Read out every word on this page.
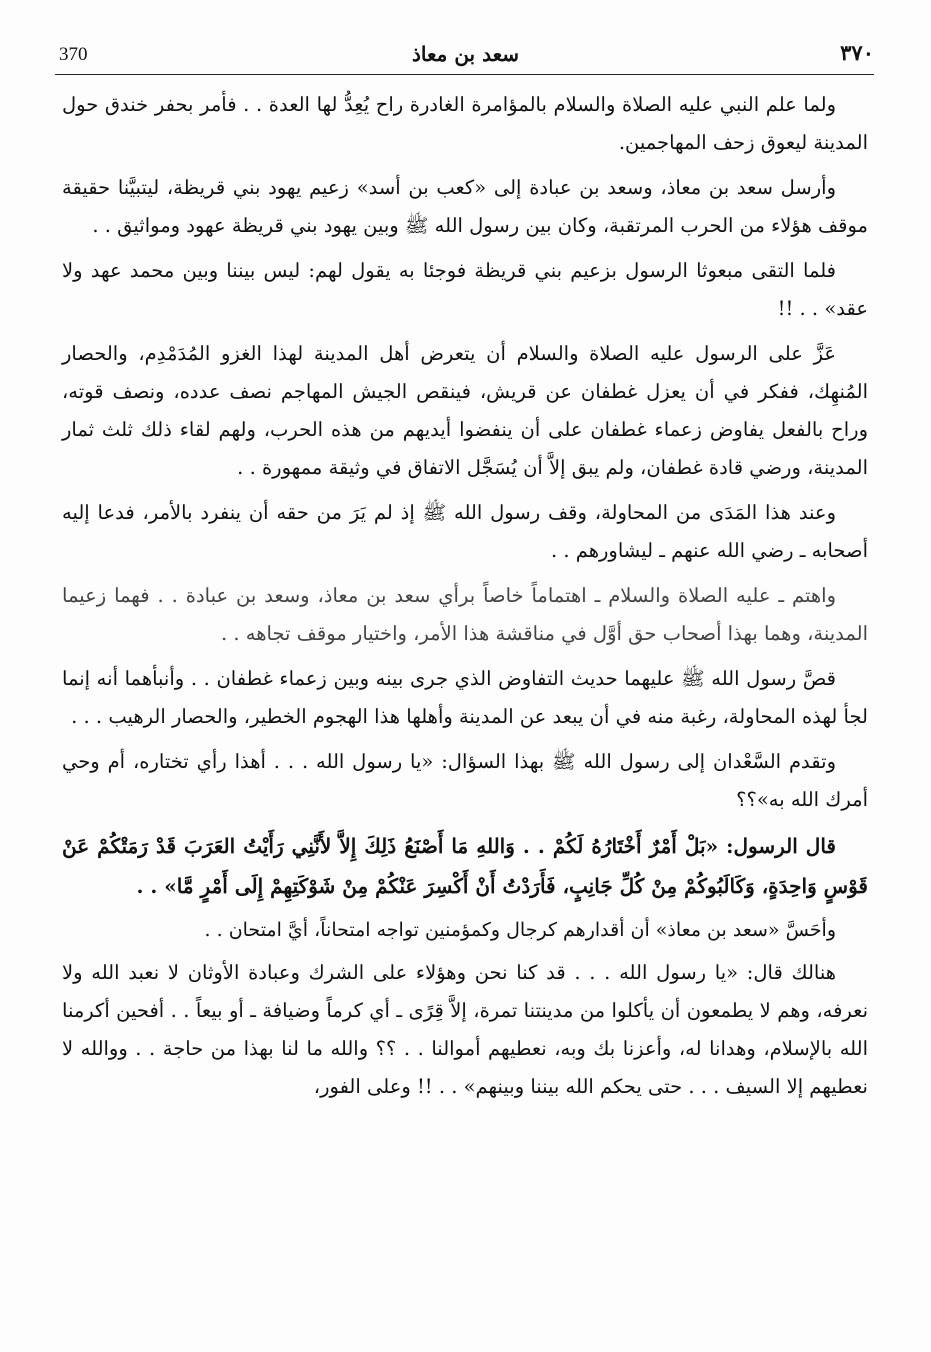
370	سعد بن معاذ	٣٧٠

ولما علم النبي عليه الصلاة والسلام بالمؤامرة الغادرة راح يُعِدُّ لها العدة . . فأمر بحفر خندق حول المدينة ليعوق زحف المهاجمين.

وأرسل سعد بن معاذ، وسعد بن عبادة إلى «كعب بن أسد» زعيم يهود بني قريظة، ليتبيَّنا حقيقة موقف هؤلاء من الحرب المرتقبة، وكان بين رسول الله ﷺ وبين يهود بني قريظة عهود ومواثيق . .

فلما التقى مبعوثا الرسول بزعيم بني قريظة فوجئا به يقول لهم: ليس بيننا وبين محمد عهد ولا عقد» . . !!

عَزَّ على الرسول عليه الصلاة والسلام أن يتعرض أهل المدينة لهذا الغزو المُدَمْدِم، والحصار المُنهِك، ففكر في أن يعزل غطفان عن قريش، فينقص الجيش المهاجم نصف عدده، ونصف قوته، وراح بالفعل يفاوض زعماء غطفان على أن ينفضوا أيديهم من هذه الحرب، ولهم لقاء ذلك ثلث ثمار المدينة، ورضي قادة غطفان، ولم يبق إلاَّ أن يُسَجَّل الاتفاق في وثيقة ممهورة . .

وعند هذا المَدَى من المحاولة، وقف رسول الله ﷺ إذ لم يَرَ من حقه أن ينفرد بالأمر، فدعا إليه أصحابه ـ رضي الله عنهم ـ ليشاورهم . .

واهتم ـ عليه الصلاة والسلام ـ اهتماماً خاصاً برأي سعد بن معاذ، وسعد بن عبادة . . فهما زعيما المدينة، وهما بهذا أصحاب حق أوَّل في مناقشة هذا الأمر، واختيار موقف تجاهه . .

قصَّ رسول الله ﷺ عليهما حديث التفاوض الذي جرى بينه وبين زعماء غطفان . . وأنبأهما أنه إنما لجأ لهذه المحاولة، رغبة منه في أن يبعد عن المدينة وأهلها هذا الهجوم الخطير، والحصار الرهيب . . .

وتقدم السَّعْدان إلى رسول الله ﷺ بهذا السؤال: «يا رسول الله . . . أهذا رأي تختاره، أم وحي أمرك الله به»؟؟

قال الرسول: «بَلْ أَمْرٌ أَخْتَارُهُ لَكُمْ . . وَاللهِ مَا أَصْنَعُ ذَلِكَ إِلاَّ لأَنَّنِي رَأَيْتُ العَرَبَ قَدْ رَمَتْكُمْ عَنْ قَوْسٍ وَاحِدَةٍ، وَكَالَبُوكُمْ مِنْ كُلِّ جَانِبٍ، فَأَرَدْتُ أَنْ أَكْسِرَ عَنْكُمْ مِنْ شَوْكَتِهِمْ إِلَى أَمْرٍ مَّا» . .

وأحَسَّ «سعد بن معاذ» أن أقدارهم كرجال وكمؤمنين تواجه امتحاناً، أيَّ امتحان . .

هنالك قال: «يا رسول الله . . . قد كنا نحن وهؤلاء على الشرك وعبادة الأوثان لا نعبد الله ولا نعرفه، وهم لا يطمعون أن يأكلوا من مدينتنا تمرة، إلاَّ قِرًى ـ أي كرماً وضيافة ـ أو بيعاً . . أفحين أكرمنا الله بالإسلام، وهدانا له، وأعزنا بك وبه، نعطيهم أموالنا . . ؟؟ والله ما لنا بهذا من حاجة . . ووالله لا نعطيهم إلا السيف . . . حتى يحكم الله بيننا وبينهم» . . !! وعلى الفور،
